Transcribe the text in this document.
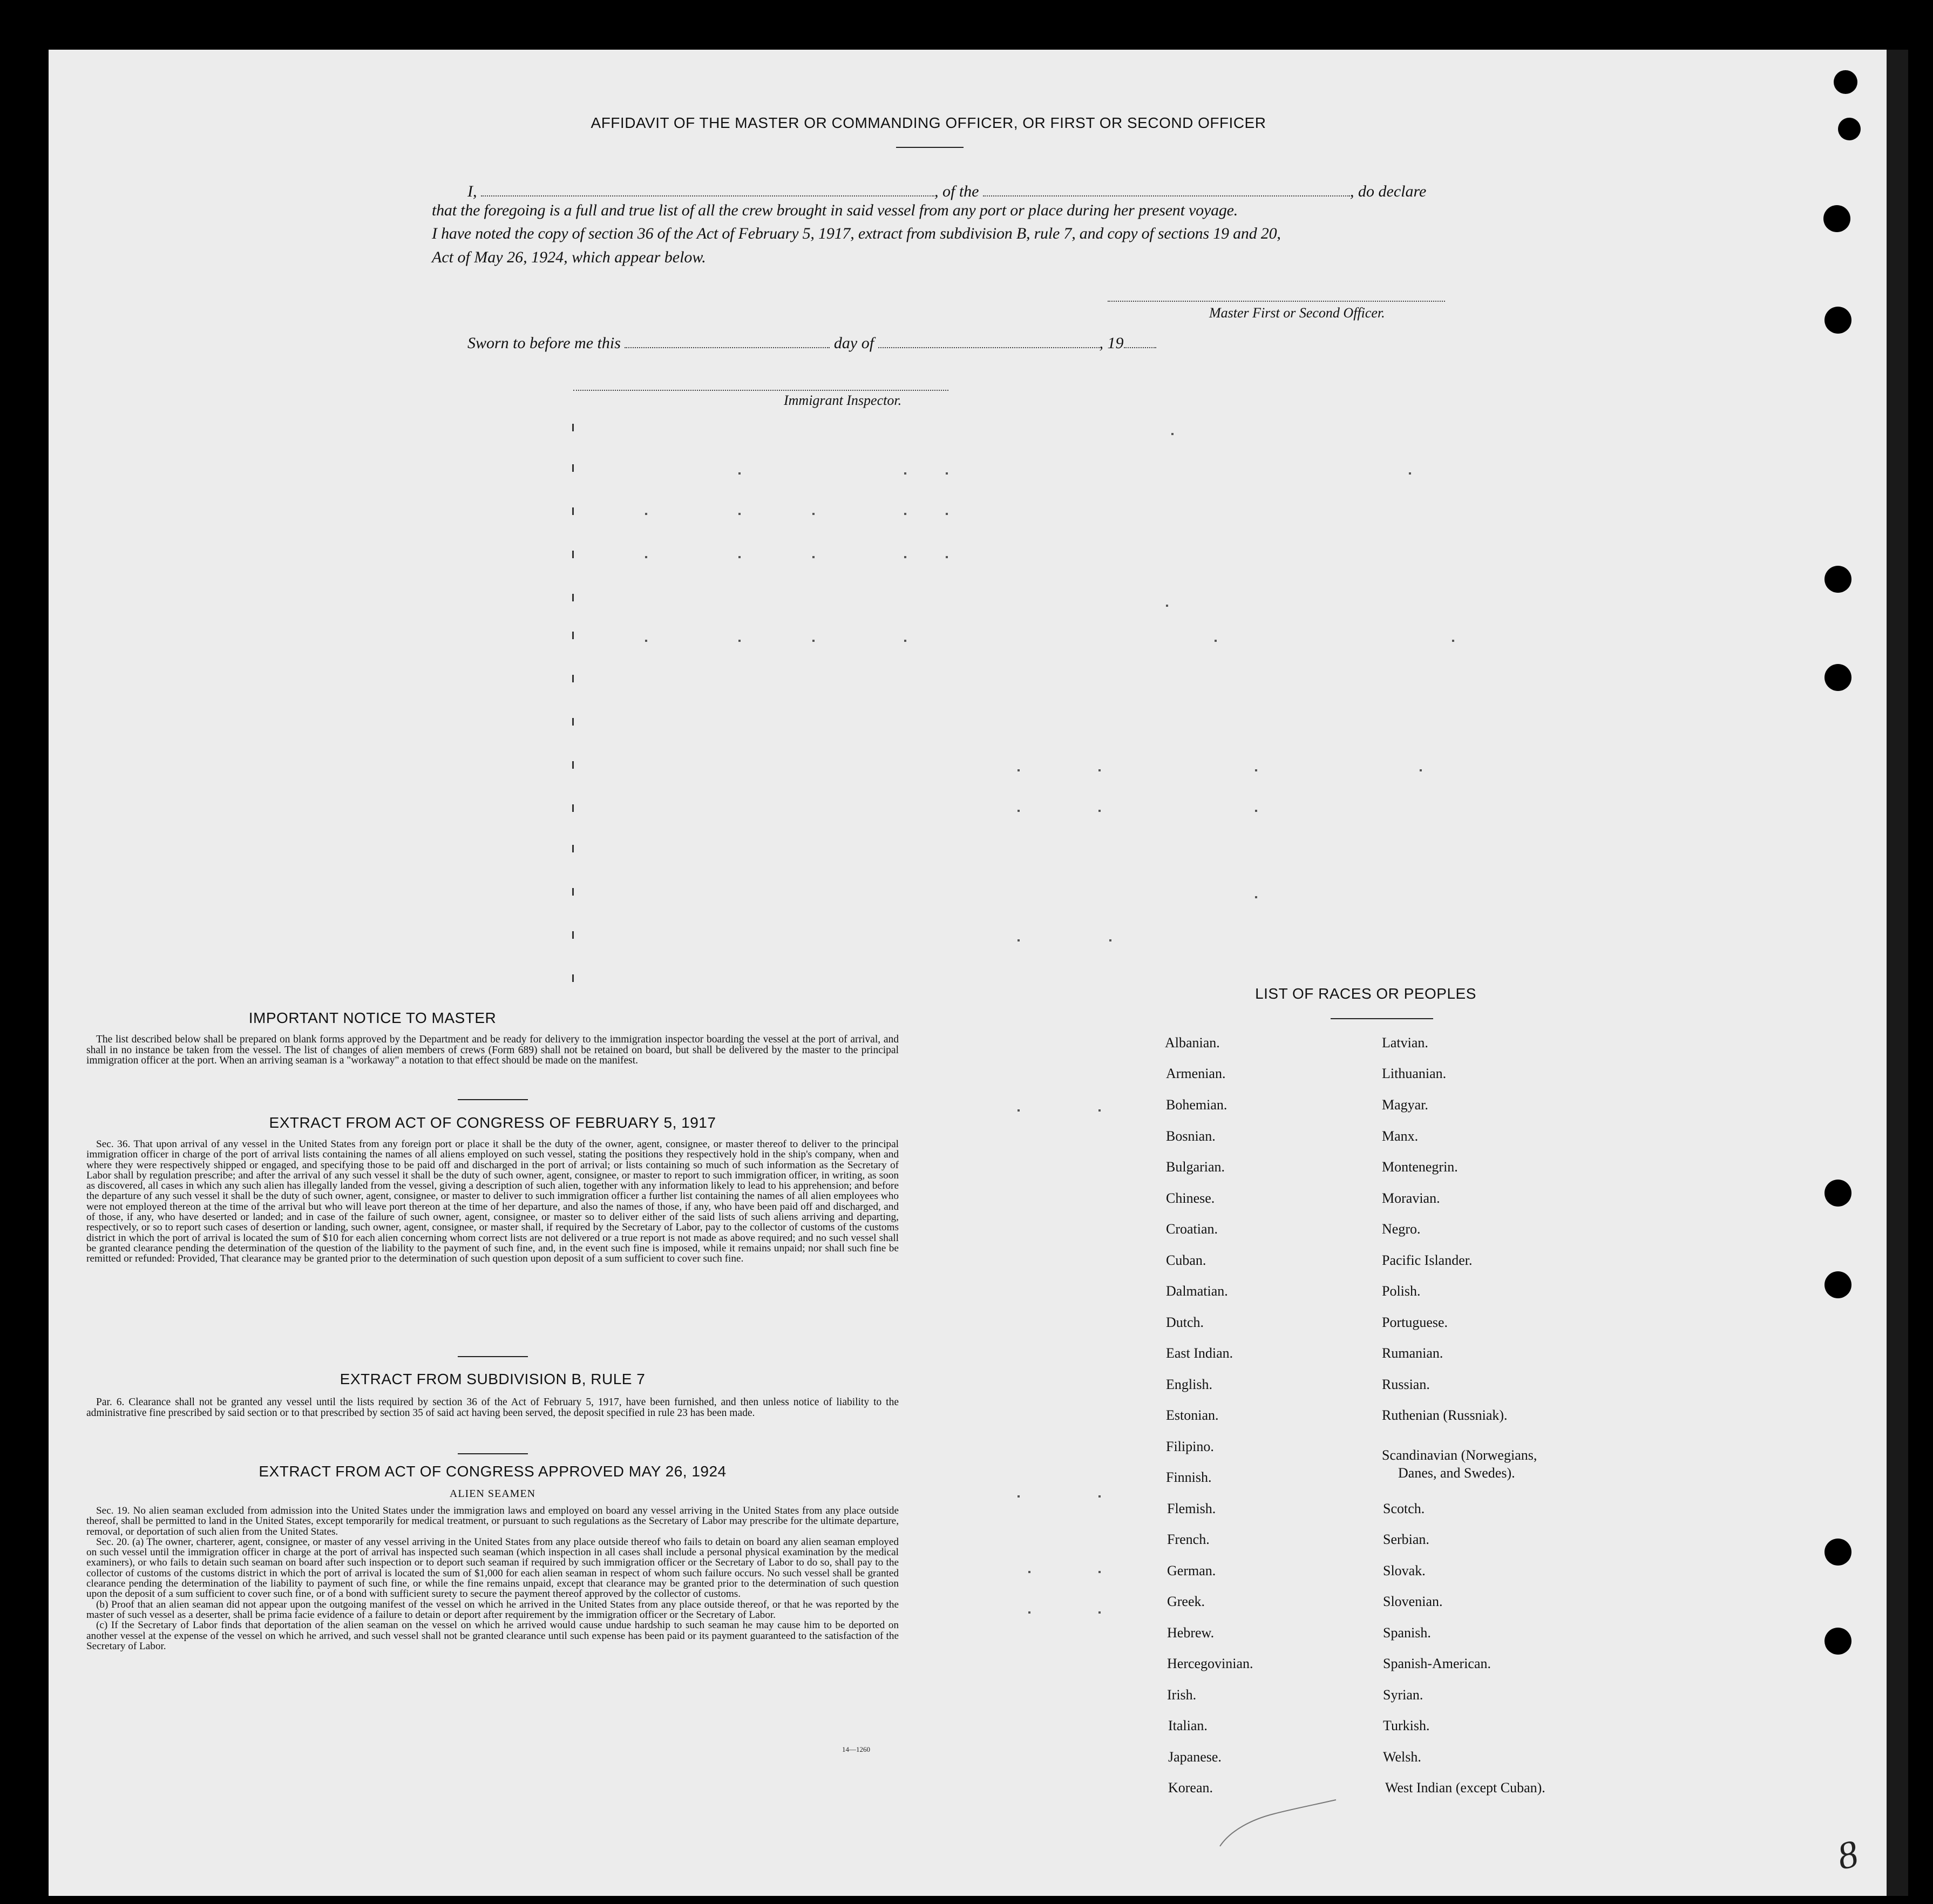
AFFIDAVIT OF THE MASTER OR COMMANDING OFFICER, OR FIRST OR SECOND OFFICER
I,	, of the	, do declare
that the foregoing is a full and true list of all the crew brought in said vessel from any port or place during her present voyage.
I have noted the copy of section 36 of the Act of February 5, 1917, extract from subdivision B, rule 7, and copy of sections 19 and 20,
Act of May 26, 1924, which appear below.
Master First or Second Officer.
Sworn to before me this	day of	, 19
Immigrant Inspector.
IMPORTANT NOTICE TO MASTER

The list described below shall be prepared on blank forms approved by the Department and be ready for delivery to the immigration inspector boarding the vessel at the port of arrival, and shall in no instance be taken from the vessel. The list of changes of alien members of crews (Form 689) shall not be retained on board, but shall be delivered by the master to the principal immigration officer at the port. When an arriving seaman is a "workaway" a notation to that effect should be made on the manifest.

EXTRACT FROM ACT OF CONGRESS OF FEBRUARY 5, 1917

Sec. 36. That upon arrival of any vessel in the United States from any foreign port or place it shall be the duty of the owner, agent, consignee, or master thereof to deliver to the principal immigration officer in charge of the port of arrival lists containing the names of all aliens employed on such vessel, stating the positions they respectively hold in the ship's company, when and where they were respectively shipped or engaged, and specifying those to be paid off and discharged in the port of arrival; or lists containing so much of such information as the Secretary of Labor shall by regulation prescribe; and after the arrival of any such vessel it shall be the duty of such owner, agent, consignee, or master to report to such immigration officer, in writing, as soon as discovered, all cases in which any such alien has illegally landed from the vessel, giving a description of such alien, together with any information likely to lead to his apprehension; and before the departure of any such vessel it shall be the duty of such owner, agent, consignee, or master to deliver to such immigration officer a further list containing the names of all alien employees who were not employed thereon at the time of the arrival but who will leave port thereon at the time of her departure, and also the names of those, if any, who have been paid off and discharged, and of those, if any, who have deserted or landed; and in case of the failure of such owner, agent, consignee, or master so to deliver either of the said lists of such aliens arriving and departing, respectively, or so to report such cases of desertion or landing, such owner, agent, consignee, or master shall, if required by the Secretary of Labor, pay to the collector of customs of the customs district in which the port of arrival is located the sum of $10 for each alien concerning whom correct lists are not delivered or a true report is not made as above required; and no such vessel shall be granted clearance pending the determination of the question of the liability to the payment of such fine, and, in the event such fine is imposed, while it remains unpaid; nor shall such fine be remitted or refunded: Provided, That clearance may be granted prior to the determination of such question upon deposit of a sum sufficient to cover such fine.

EXTRACT FROM SUBDIVISION B, RULE 7

Par. 6. Clearance shall not be granted any vessel until the lists required by section 36 of the Act of February 5, 1917, have been furnished, and then unless notice of liability to the administrative fine prescribed by said section or to that prescribed by section 35 of said act having been served, the deposit specified in rule 23 has been made.

EXTRACT FROM ACT OF CONGRESS APPROVED MAY 26, 1924
ALIEN SEAMEN

Sec. 19. No alien seaman excluded from admission into the United States under the immigration laws and employed on board any vessel arriving in the United States from any place outside thereof, shall be permitted to land in the United States, except temporarily for medical treatment, or pursuant to such regulations as the Secretary of Labor may prescribe for the ultimate departure, removal, or deportation of such alien from the United States.

Sec. 20. (a) The owner, charterer, agent, consignee, or master of any vessel arriving in the United States from any place outside thereof who fails to detain on board any alien seaman employed on such vessel until the immigration officer in charge at the port of arrival has inspected such seaman (which inspection in all cases shall include a personal physical examination by the medical examiners), or who fails to detain such seaman on board after such inspection or to deport such seaman if required by such immigration officer or the Secretary of Labor to do so, shall pay to the collector of customs of the customs district in which the port of arrival is located the sum of $1,000 for each alien seaman in respect of whom such failure occurs. No such vessel shall be granted clearance pending the determination of the liability to payment of such fine, or while the fine remains unpaid, except that clearance may be granted prior to the determination of such question upon the deposit of a sum sufficient to cover such fine, or of a bond with sufficient surety to secure the payment thereof approved by the collector of customs.

(b) Proof that an alien seaman did not appear upon the outgoing manifest of the vessel on which he arrived in the United States from any place outside thereof, or that he was reported by the master of such vessel as a deserter, shall be prima facie evidence of a failure to detain or deport after requirement by the immigration officer or the Secretary of Labor.

(c) If the Secretary of Labor finds that deportation of the alien seaman on the vessel on which he arrived would cause undue hardship to such seaman he may cause him to be deported on another vessel at the expense of the vessel on which he arrived, and such vessel shall not be granted clearance until such expense has been paid or its payment guaranteed to the satisfaction of the Secretary of Labor.

14—1260
LIST OF RACES OR PEOPLES
Albanian.
Armenian.
Bohemian.
Bosnian.
Bulgarian.
Chinese.
Croatian.
Cuban.
Dalmatian.
Dutch.
East Indian.
English.
Estonian.
Filipino.
Finnish.
Flemish.
French.
German.
Greek.
Hebrew.
Hercegovinian.
Irish.
Italian.
Japanese.
Korean.
Latvian.
Lithuanian.
Magyar.
Manx.
Montenegrin.
Moravian.
Negro.
Pacific Islander.
Polish.
Portuguese.
Rumanian.
Russian.
Ruthenian (Russniak).
Scandinavian (Norwegians,
Danes, and Swedes).
Scotch.
Serbian.
Slovak.
Slovenian.
Spanish.
Spanish-American.
Syrian.
Turkish.
Welsh.
West Indian (except Cuban).
8
